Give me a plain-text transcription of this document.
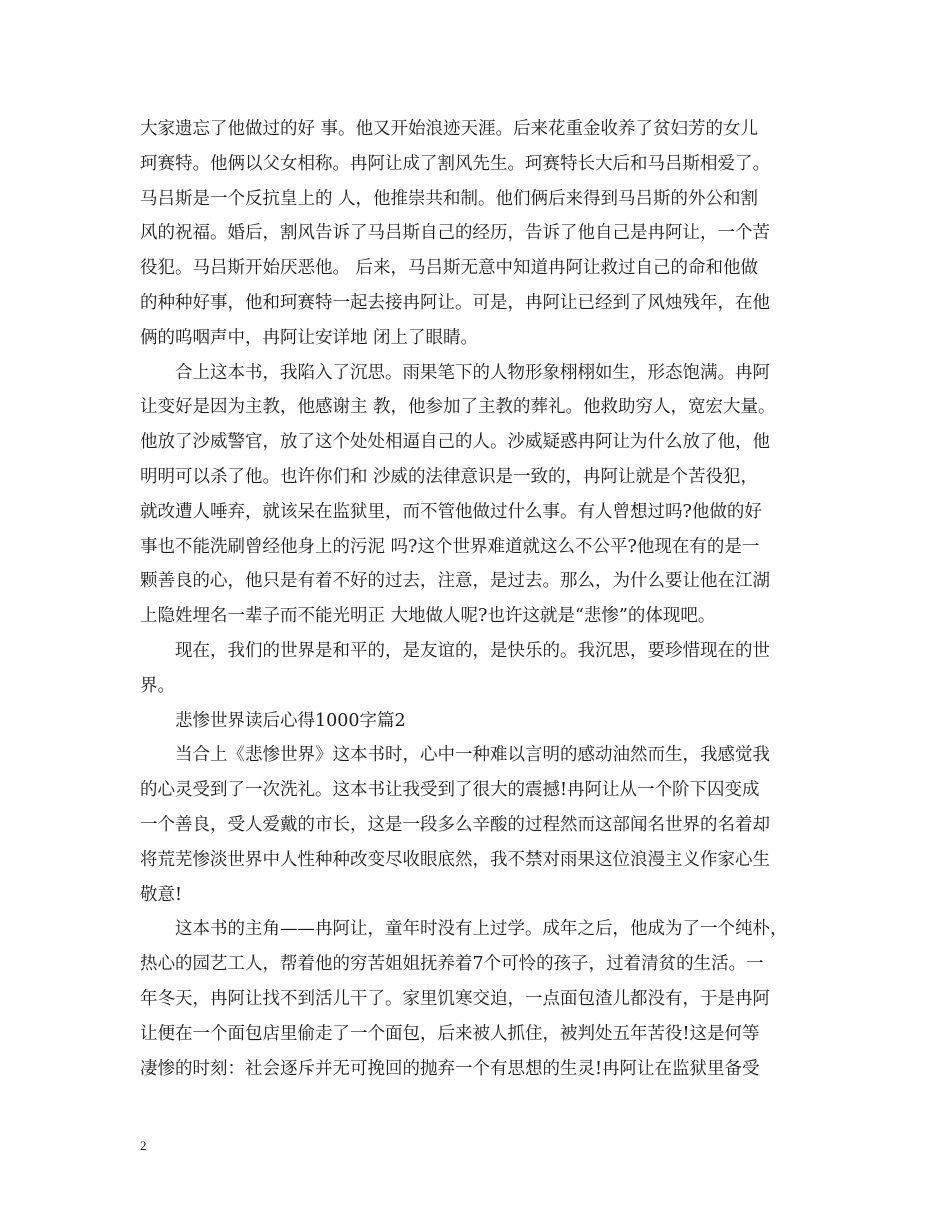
大家遗忘了他做过的好 事。他又开始浪迹天涯。后来花重金收养了贫妇芳的女儿
珂赛特。他俩以父女相称。冉阿让成了割风先生。珂赛特长大后和马吕斯相爱了。
马吕斯是一个反抗皇上的 人，他推崇共和制。他们俩后来得到马吕斯的外公和割
风的祝福。婚后，割风告诉了马吕斯自己的经历，告诉了他自己是冉阿让，一个苦
役犯。马吕斯开始厌恶他。 后来，马吕斯无意中知道冉阿让救过自己的命和他做
的种种好事，他和珂赛特一起去接冉阿让。可是，冉阿让已经到了风烛残年，在他
俩的呜咽声中，冉阿让安详地 闭上了眼睛。
合上这本书，我陷入了沉思。雨果笔下的人物形象栩栩如生，形态饱满。冉阿
让变好是因为主教，他感谢主 教，他参加了主教的葬礼。他救助穷人，宽宏大量。
他放了沙威警官，放了这个处处相逼自己的人。沙威疑惑冉阿让为什么放了他，他
明明可以杀了他。也许你们和 沙威的法律意识是一致的，冉阿让就是个苦役犯，
就改遭人唾弃，就该呆在监狱里，而不管他做过什么事。有人曾想过吗?他做的好
事也不能洗刷曾经他身上的污泥 吗?这个世界难道就这么不公平?他现在有的是一
颗善良的心，他只是有着不好的过去，注意，是过去。那么，为什么要让他在江湖
上隐姓埋名一辈子而不能光明正 大地做人呢?也许这就是“悲惨”的体现吧。
现在，我们的世界是和平的，是友谊的，是快乐的。我沉思，要珍惜现在的世
界。
悲惨世界读后心得1000字篇2
当合上《悲惨世界》这本书时，心中一种难以言明的感动油然而生，我感觉我
的心灵受到了一次洗礼。这本书让我受到了很大的震撼!冉阿让从一个阶下囚变成
一个善良，受人爱戴的市长，这是一段多么辛酸的过程然而这部闻名世界的名着却
将荒芜惨淡世界中人性种种改变尽收眼底然，我不禁对雨果这位浪漫主义作家心生
敬意!
这本书的主角——冉阿让，童年时没有上过学。成年之后，他成为了一个纯朴，
热心的园艺工人，帮着他的穷苦姐姐抚养着7个可怜的孩子，过着清贫的生活。一
年冬天，冉阿让找不到活儿干了。家里饥寒交迫，一点面包渣儿都没有，于是冉阿
让便在一个面包店里偷走了一个面包，后来被人抓住，被判处五年苦役!这是何等
凄惨的时刻：社会逐斥并无可挽回的抛弃一个有思想的生灵!冉阿让在监狱里备受
2
